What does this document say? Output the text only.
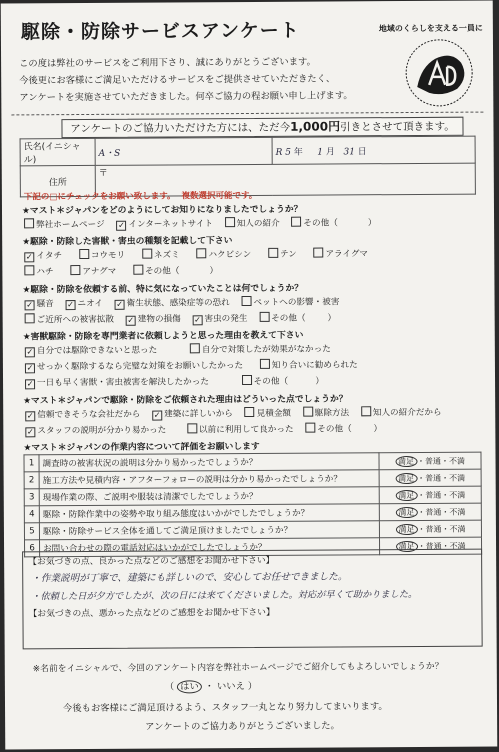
駆除・防除サービスアンケート	地域のくらしを支える一員に
この度は弊社のサービスをご利用下さり、誠にありがとうございます。
今後更にお客様にご満足いただけるサービスをご提供させていただきたく、
アンケートを実施させていただきました。何卒ご協力の程お願い申し上げます。
アンケートのご協力いただけた方には、ただ今1,000円引きとさせて頂きます。
氏名(イニシャル)	A・S	R 5 年 1 月 31 日
住所	〒	
下記の□にチェックをお願い致します。 複数選択可能です。
★マスト＊ジャパンをどのようにしてお知りになりましたでしょうか？
弊社ホームページ ✓ インターネットサイト	知人の紹介	その他（	）
★駆除・防除した害獣・害虫の種類を記載して下さい
✓ イタチ	コウモリ	ネズミ	ハクビシン	テン	アライグマ
ハチ	アナグマ	その他（	）
★駆除・防除を依頼する前、特に気になっていたことは何でしょうか？
✓ 騒音 ✓ ニオイ ✓ 衛生状態、感染症等の恐れ	ペットへの影響・被害
ご近所への被害拡散 ✓ 建物の損傷 ✓ 害虫の発生	その他（	）
★害獣駆除・防除を専門業者に依頼しようと思った理由を教えて下さい
✓ 自分では駆除できないと思った	自分で対策したが効果がなかった
✓ せっかく駆除するなら完璧な対策をお願いしたかった	知り合いに勧められた
✓ 一日も早く害獣・害虫被害を解決したかった	その他（	）
★マスト＊ジャパンで駆除・防除をご依頼された理由はどういった点でしょうか？
✓ 信頼できそうな会社だから ✓ 建築に詳しいから	見積金額	駆除方法	知人の紹介だから
✓ スタッフの説明が分かり易かった	以前に利用して良かった	その他（	）
★マスト＊ジャパンの作業内容について評価をお願いします
1	調査時の被害状況の説明は分かり易かったでしょうか？	満足 ・普通・不満
2	施工方法や見積内容・アフターフォローの説明は分かり易かったでしょうか？	満足 ・普通・不満
3	現場作業の際、ご説明や服装は清潔でしたでしょうか？	満足 ・普通・不満
4	駆除・防除作業中の姿勢や取り組み態度はいかがでしたでしょうか？	満足 ・普通・不満
5	駆除・防除サービス全体を通してご満足頂けましたでしょうか？	満足 ・普通・不満
6	お問い合わせの際の電話対応はいかがでしたでしょうか？	満足 ・普通・不満
【お気づきの点、良かった点などのご感想をお聞かせ下さい】
・作業説明が丁寧で、建築にも詳しいので、安心してお任せできました。
・依頼した日が夕方でしたが、次の日には来てくださいました。対応が早くて助かりました。
【お気づきの点、悪かった点などのご感想をお聞かせ下さい】
※名前をイニシャルで、今回のアンケート内容を弊社ホームページでご紹介してもよろしいでしょうか？
（ はい ・ いいえ ）
今後もお客様にご満足頂けるよう、スタッフ一丸となり努力してまいります。
アンケートのご協力ありがとうございました。
